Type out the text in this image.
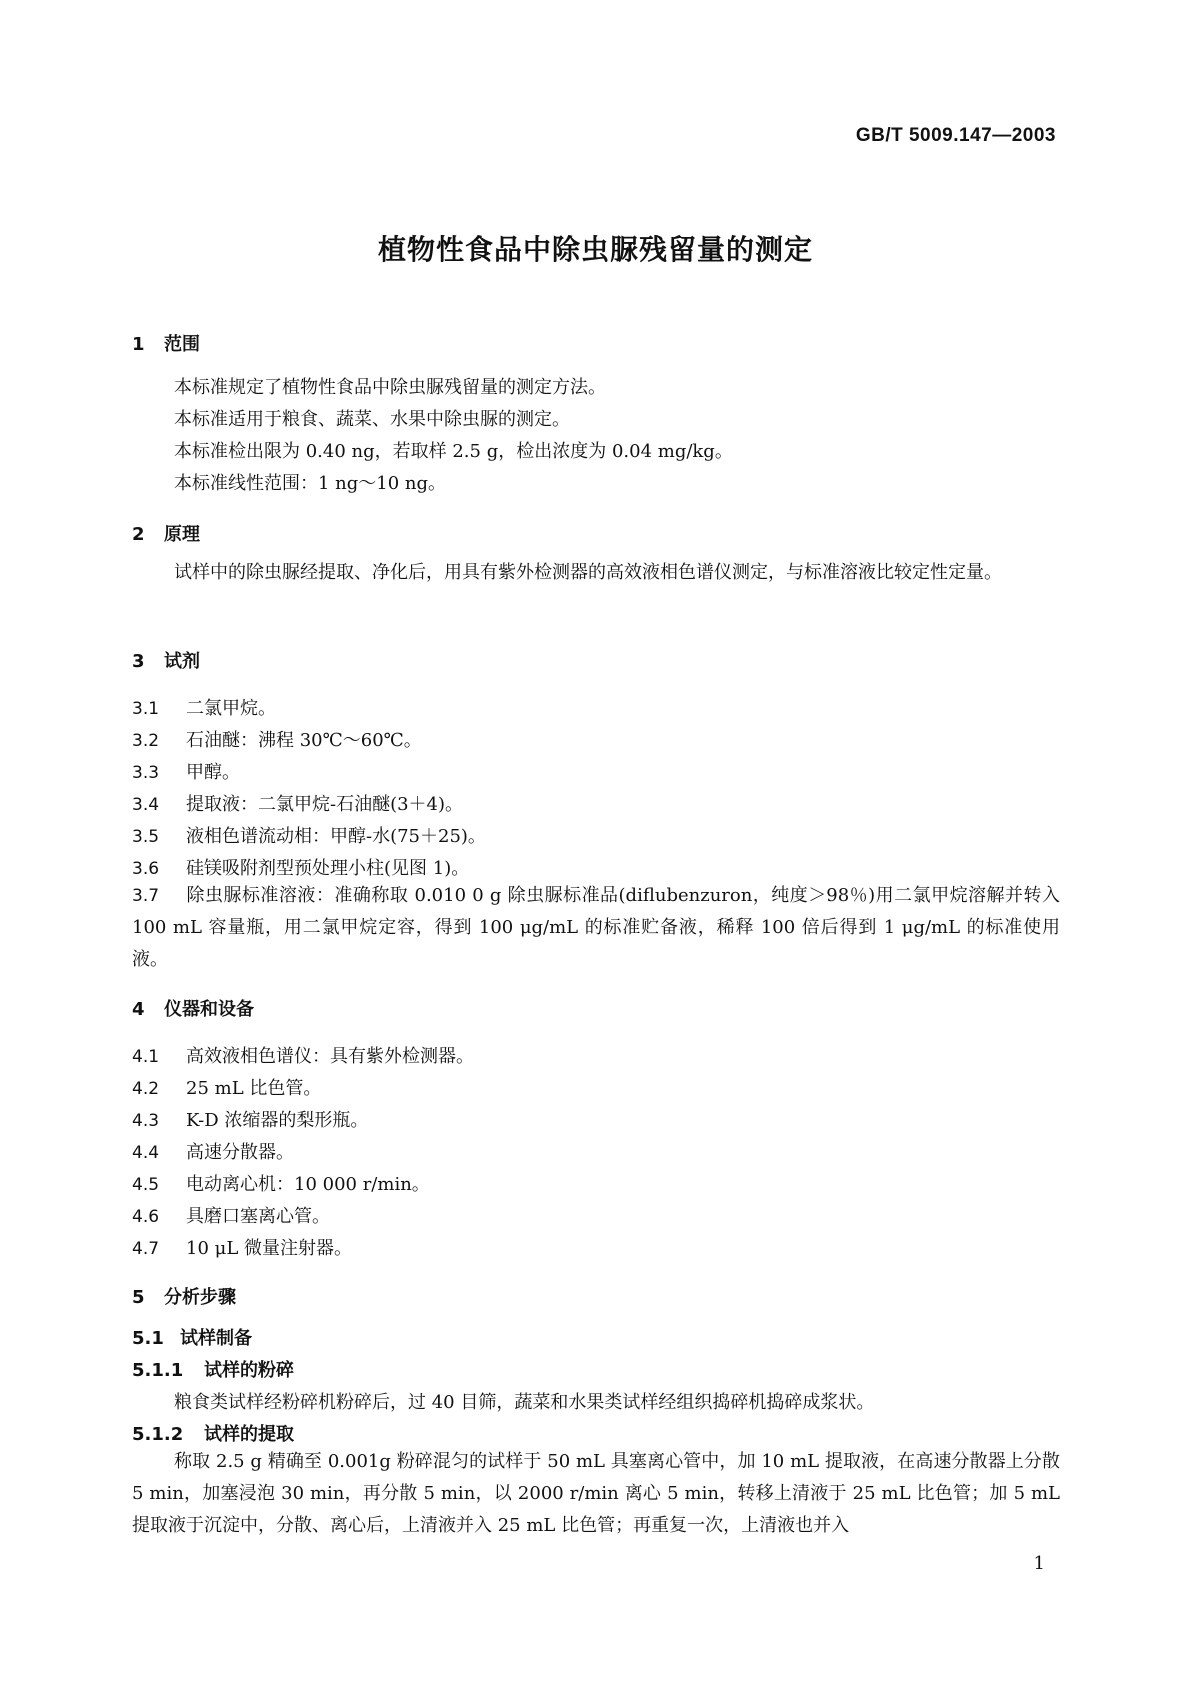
GB/T 5009.147—2003
植物性食品中除虫脲残留量的测定
1 范围
本标准规定了植物性食品中除虫脲残留量的测定方法。
本标准适用于粮食、蔬菜、水果中除虫脲的测定。
本标准检出限为 0.40 ng，若取样 2.5 g，检出浓度为 0.04 mg/kg。
本标准线性范围：1 ng～10 ng。
2 原理
试样中的除虫脲经提取、净化后，用具有紫外检测器的高效液相色谱仪测定，与标准溶液比较定性定量。
3 试剂
3.1 二氯甲烷。
3.2 石油醚：沸程 30℃～60℃。
3.3 甲醇。
3.4 提取液：二氯甲烷-石油醚(3＋4)。
3.5 液相色谱流动相：甲醇-水(75＋25)。
3.6 硅镁吸附剂型预处理小柱(见图 1)。
3.7 除虫脲标准溶液：准确称取 0.010 0 g 除虫脲标准品(diflubenzuron，纯度＞98％)用二氯甲烷溶解并转入 100 mL 容量瓶，用二氯甲烷定容，得到 100 μg/mL 的标准贮备液，稀释 100 倍后得到 1 μg/mL 的标准使用液。
4 仪器和设备
4.1 高效液相色谱仪：具有紫外检测器。
4.2 25 mL 比色管。
4.3 K-D 浓缩器的梨形瓶。
4.4 高速分散器。
4.5 电动离心机：10 000 r/min。
4.6 具磨口塞离心管。
4.7 10 μL 微量注射器。
5 分析步骤
5.1 试样制备
5.1.1 试样的粉碎
粮食类试样经粉碎机粉碎后，过 40 目筛，蔬菜和水果类试样经组织捣碎机捣碎成浆状。
5.1.2 试样的提取
称取 2.5 g 精确至 0.001g 粉碎混匀的试样于 50 mL 具塞离心管中，加 10 mL 提取液，在高速分散器上分散 5 min，加塞浸泡 30 min，再分散 5 min，以 2000 r/min 离心 5 min，转移上清液于 25 mL 比色管；加 5 mL 提取液于沉淀中，分散、离心后，上清液并入 25 mL 比色管；再重复一次，上清液也并入
1
